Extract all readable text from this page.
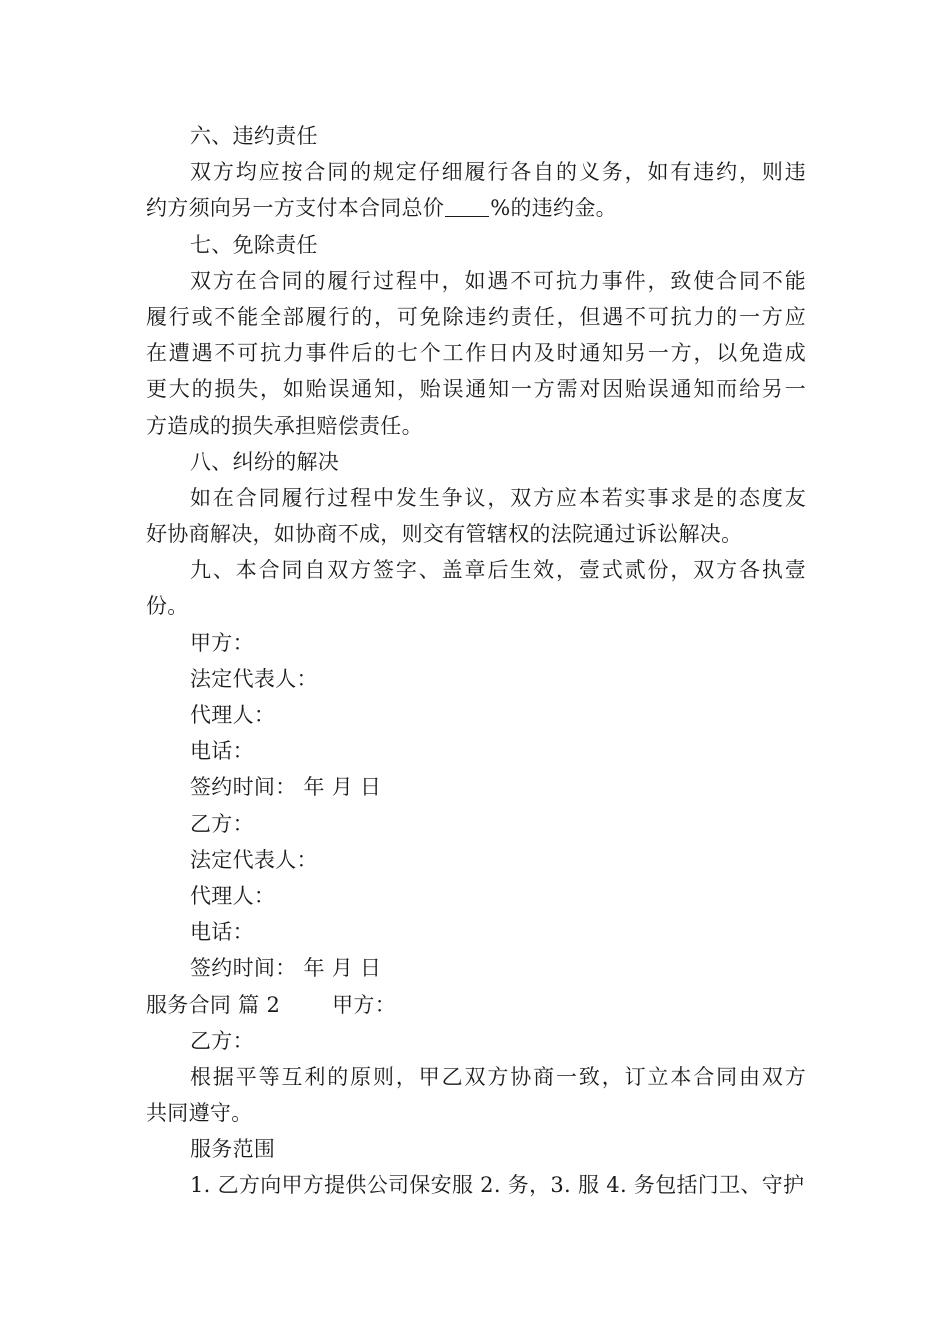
六、违约责任
双方均应按合同的规定仔细履行各自的义务，如有违约，则违
约方须向另一方支付本合同总价 %的违约金。
七、免除责任
双方在合同的履行过程中，如遇不可抗力事件，致使合同不能
履行或不能全部履行的，可免除违约责任，但遇不可抗力的一方应
在遭遇不可抗力事件后的七个工作日内及时通知另一方，以免造成
更大的损失，如贻误通知，贻误通知一方需对因贻误通知而给另一
方造成的损失承担赔偿责任。
八、纠纷的解决
如在合同履行过程中发生争议，双方应本若实事求是的态度友
好协商解决，如协商不成，则交有管辖权的法院通过诉讼解决。
九、本合同自双方签字、盖章后生效，壹式贰份，双方各执壹
份。
甲方：
法定代表人：
代理人：
电话：
签约时间： 年 月 日
乙方：
法定代表人：
代理人：
电话：
签约时间： 年 月 日
服务合同 篇 2 甲方：
乙方：
根据平等互利的原则，甲乙双方协商一致，订立本合同由双方
共同遵守。
服务范围
1. 乙方向甲方提供公司保安服 2. 务，3. 服 4. 务包括门卫、守护
